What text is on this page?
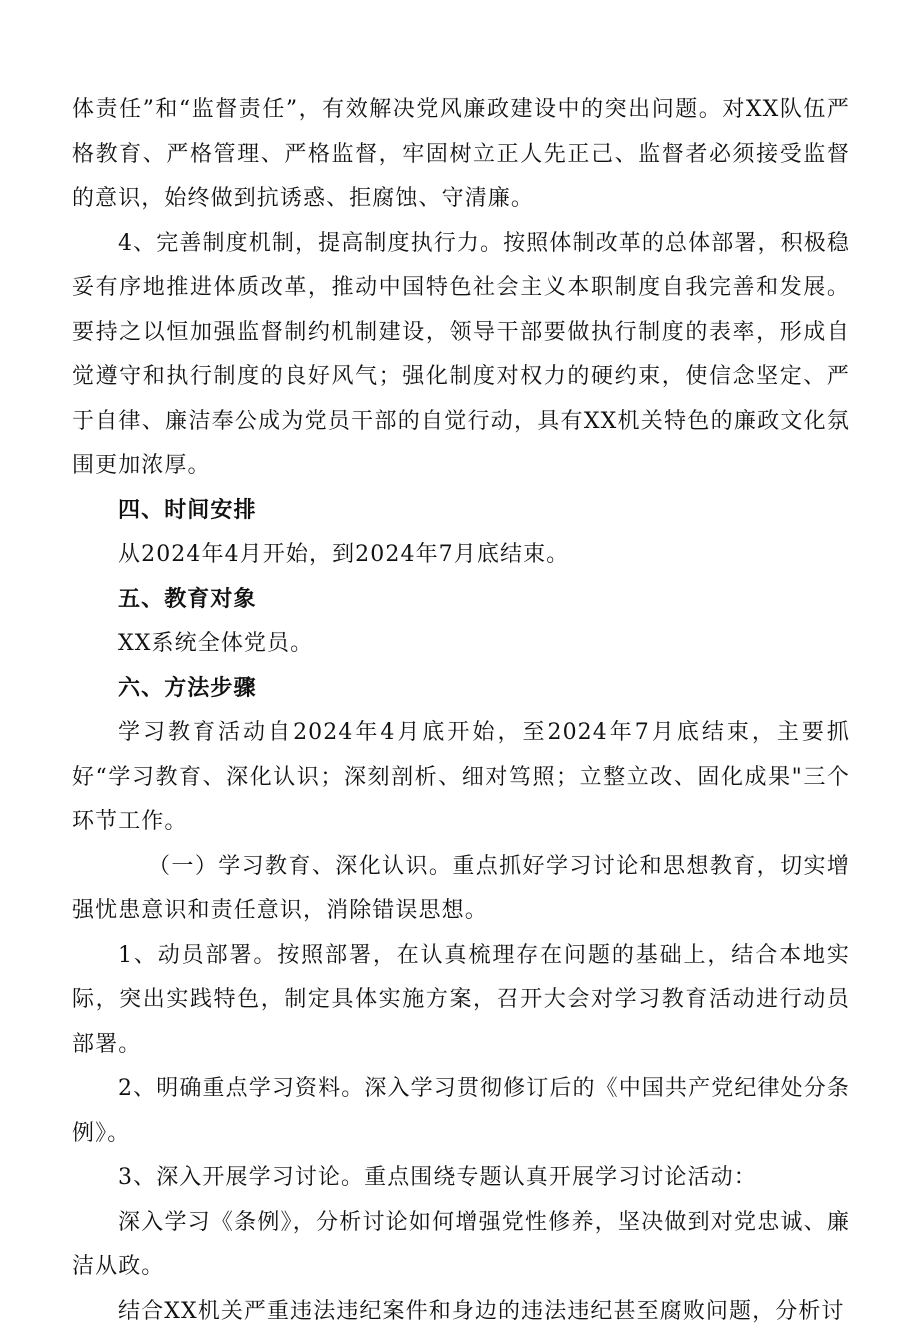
体责任”和“监督责任”，有效解决党风廉政建设中的突出问题。对XX队伍严格教育、严格管理、严格监督，牢固树立正人先正己、监督者必须接受监督的意识，始终做到抗诱惑、拒腐蚀、守清廉。

4、完善制度机制，提高制度执行力。按照体制改革的总体部署，积极稳妥有序地推进体质改革，推动中国特色社会主义本职制度自我完善和发展。要持之以恒加强监督制约机制建设，领导干部要做执行制度的表率，形成自觉遵守和执行制度的良好风气；强化制度对权力的硬约束，使信念坚定、严于自律、廉洁奉公成为党员干部的自觉行动，具有XX机关特色的廉政文化氛围更加浓厚。

四、时间安排

从2024年4月开始，到2024年7月底结束。

五、教育对象

XX系统全体党员。

六、方法步骤

学习教育活动自2024年4月底开始，至2024年7月底结束，主要抓好“学习教育、深化认识；深刻剖析、细对笃照；立整立改、固化成果"三个环节工作。

（一）学习教育、深化认识。重点抓好学习讨论和思想教育，切实增强忧患意识和责任意识，消除错误思想。

1、动员部署。按照部署，在认真梳理存在问题的基础上，结合本地实际，突出实践特色，制定具体实施方案，召开大会对学习教育活动进行动员部署。

2、明确重点学习资料。深入学习贯彻修订后的《中国共产党纪律处分条例》。

3、深入开展学习讨论。重点围绕专题认真开展学习讨论活动：

深入学习《条例》，分析讨论如何增强党性修养，坚决做到对党忠诚、廉洁从政。

结合XX机关严重违法违纪案件和身边的违法违纪甚至腐败问题，分析讨
